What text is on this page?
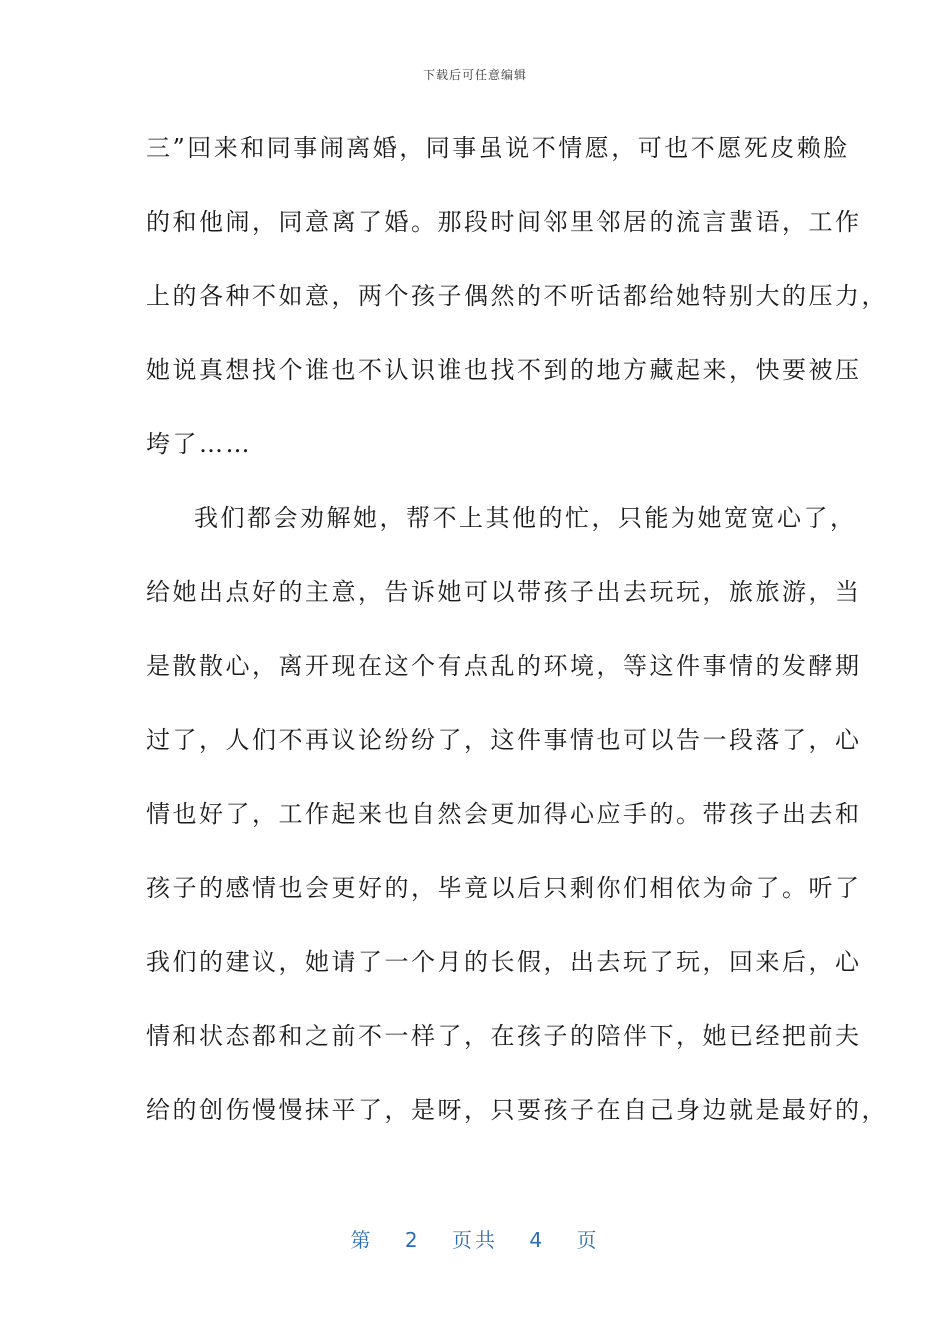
下载后可任意编辑
三”回来和同事闹离婚，同事虽说不情愿，可也不愿死皮赖脸
的和他闹，同意离了婚。那段时间邻里邻居的流言蜚语，工作
上的各种不如意，两个孩子偶然的不听话都给她特别大的压力，
她说真想找个谁也不认识谁也找不到的地方藏起来，快要被压
垮了……
我们都会劝解她，帮不上其他的忙，只能为她宽宽心了，
给她出点好的主意，告诉她可以带孩子出去玩玩，旅旅游，当
是散散心，离开现在这个有点乱的环境，等这件事情的发酵期
过了，人们不再议论纷纷了，这件事情也可以告一段落了，心
情也好了，工作起来也自然会更加得心应手的。带孩子出去和
孩子的感情也会更好的，毕竟以后只剩你们相依为命了。听了
我们的建议，她请了一个月的长假，出去玩了玩，回来后，心
情和状态都和之前不一样了，在孩子的陪伴下，她已经把前夫
给的创伤慢慢抹平了，是呀，只要孩子在自己身边就是最好的，
第 2 页共 4 页
